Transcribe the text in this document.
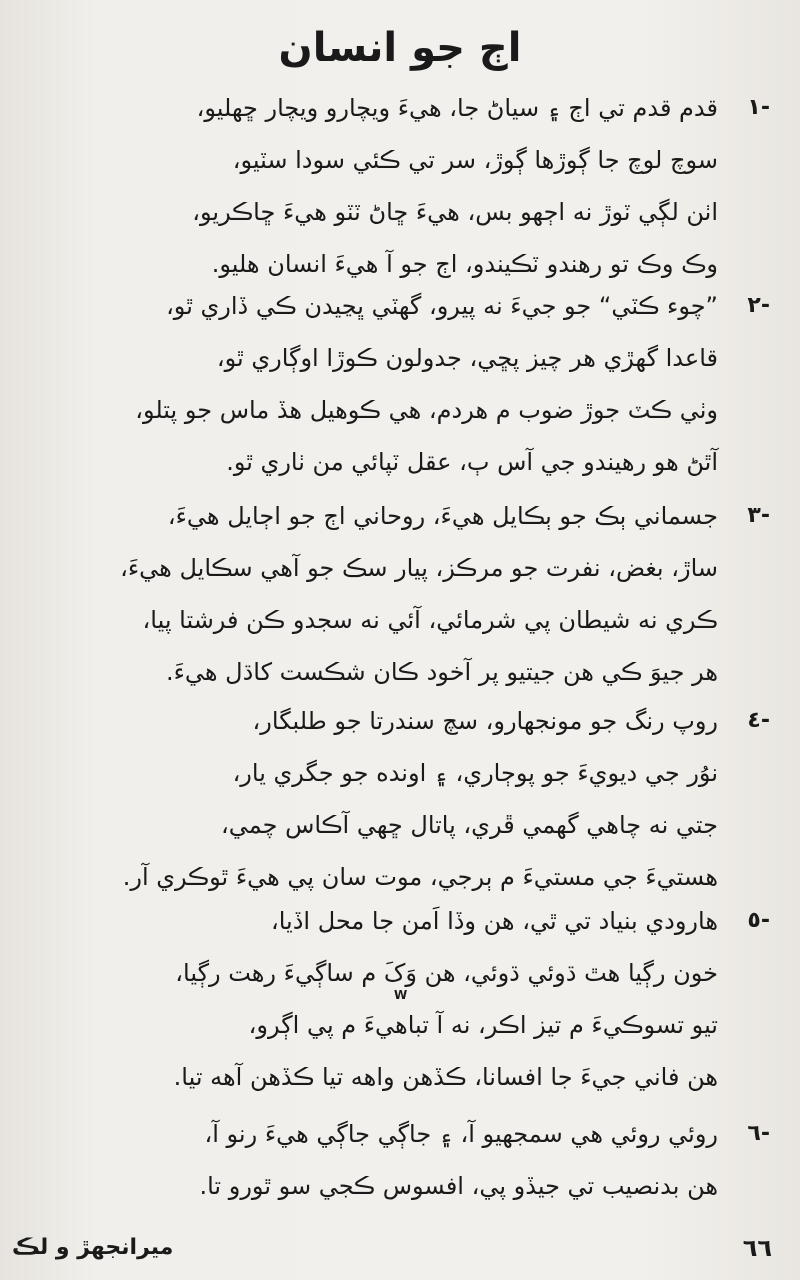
اڄ جو انسان
-١
قدم قدم تي اڄ ۽ سياڻ جا، هيءَ ويچارو ويچار ڇهليو،
سوچ لوچ جا ڳوڙها ڳوڙ، سر تي ڪئي سودا سٽيو،
اٺن لڳي ٽوڙ نه اڄهو بس، هيءَ ڇاڻ ٽٽو هيءَ ڇاڪريو،
وڪ وڪ تو رهندو ٽڪيندو، اڄ جو آ هيءَ انسان هليو.
-٢
”چوء ڪٽي“ جو جيءَ نه پيرو، گهٽي ڀڃيدن ڪي ڏاري ٿو،
قاعدا گهڙي هر چيز پڇي، جدولون ڪوڙا اوڳاري ٿو،
وٺي ڪٽ جوڙ ضوب م هردم، هي ڪوهيل هڏ ماس جو پتلو،
آٿڻ هو رهيندو جي آس ٻ، عقل ٽپائي من ٺاري ٿو.
-٣
جسماني ٻڪ جو ٻڪايل هيءَ، روحاني اڄ جو اڄايل هيءَ،
ساڙ، بغض، نفرت جو مرڪز، پيار سڪ جو آهي سڪايل هيءَ،
ڪري نه شيطان پي شرمائي، آئي نه سجدو ڪن فرشتا پيا،
هر جيوَ ڪي هن جيتيو پر آخود ڪان شڪست کاڌل هيءَ.
-٤
روپ رنگ جو مونجهارو، سچ سندرتا جو طلبگار،
نوُر جي ديويءَ جو پوڄاري، ۽ اونده جو جگري يار،
جتي نه چاهي گهمي ڦري، پاتال ڇهي آڪاس چمي،
هستيءَ جي مستيءَ م ٻرجي، موت سان پي هيءَ ٿوڪري آر.
-٥
هارودي بنياد تي ٿي، هن وڏا اَمن جا محل اڏيا،
خون رڳيا هٿ ڌوئي ڌوئي، هن وَکَ م ساڳيءَ رهت رڳيا،
تيو تسوڪيءَ م تيز اڪر، نه آ تباهيءَ م پي اڳرو،
هن فاني جيءَ جا افسانا، ڪڏهن واهه تيا ڪڏهن آهه تيا.
-٦
روئي روئي هي سمجهيو آ، ۽ جاڳي جاڳي هيءَ رنو آ،
هن بدنصيب تي جيڏو پي، افسوس ڪجي سو ٿورو تا.
W
ميرانجهڙ و لڪ	٦٦
